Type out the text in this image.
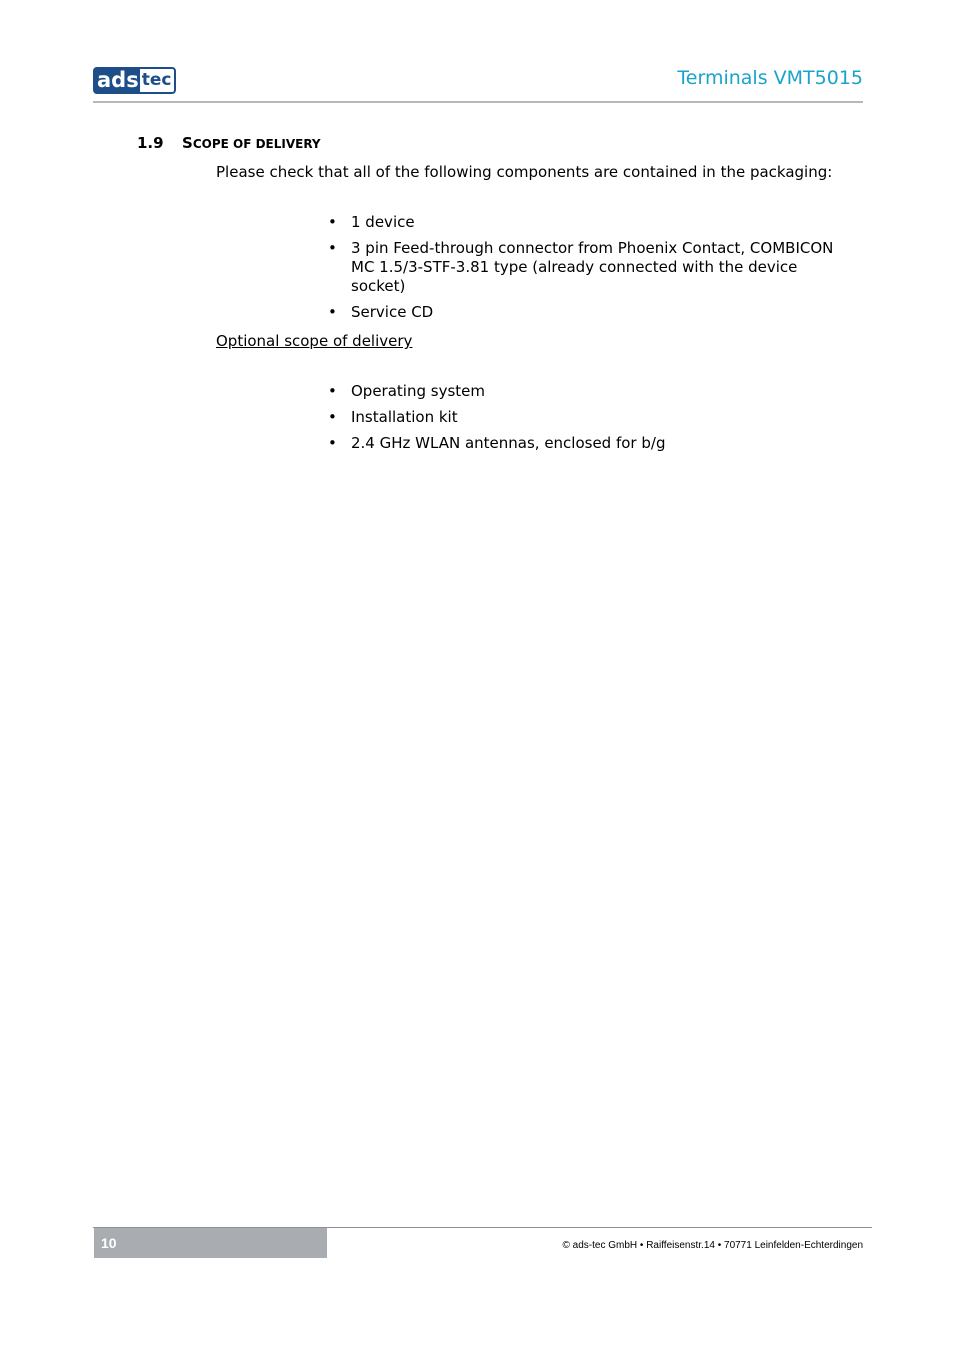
ads tec	Terminals VMT5015
1.9 SCOPE OF DELIVERY
Please check that all of the following components are contained in the packaging:
• 1 device
• 3 pin Feed-through connector from Phoenix Contact, COMBICON MC 1.5/3-STF-3.81 type (already connected with the device socket)
• Service CD
Optional scope of delivery
• Operating system
• Installation kit
• 2.4 GHz WLAN antennas, enclosed for b/g
10	© ads-tec GmbH • Raiffeisenstr.14 • 70771 Leinfelden-Echterdingen
